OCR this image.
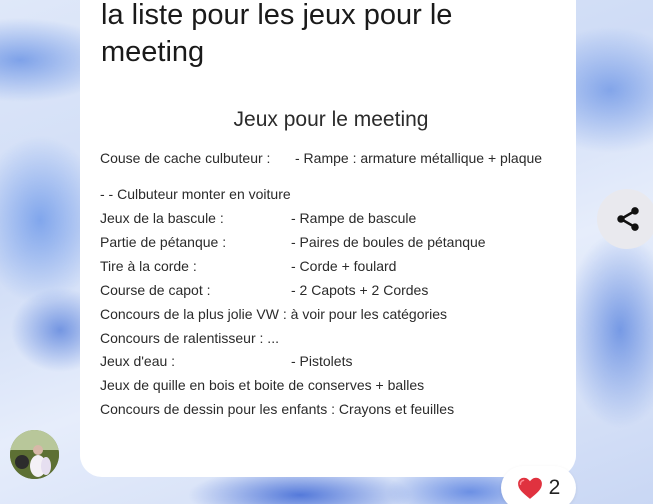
la liste pour les jeux pour le
meeting
Jeux pour le meeting
Couse de cache culbuteur : - Rampe : armature métallique + plaque
- - Culbuteur monter en voiture
Jeux de la bascule :	- Rampe de bascule
Partie de pétanque :	- Paires de boules de pétanque
Tire à la corde :	- Corde + foulard
Course de capot :	- 2 Capots + 2 Cordes
Concours de la plus jolie VW : à voir pour les catégories
Concours de ralentisseur : ...
Jeux d'eau :	- Pistolets
Jeux de quille en bois et boite de conserves + balles
Concours de dessin pour les enfants : Crayons et feuilles
2
